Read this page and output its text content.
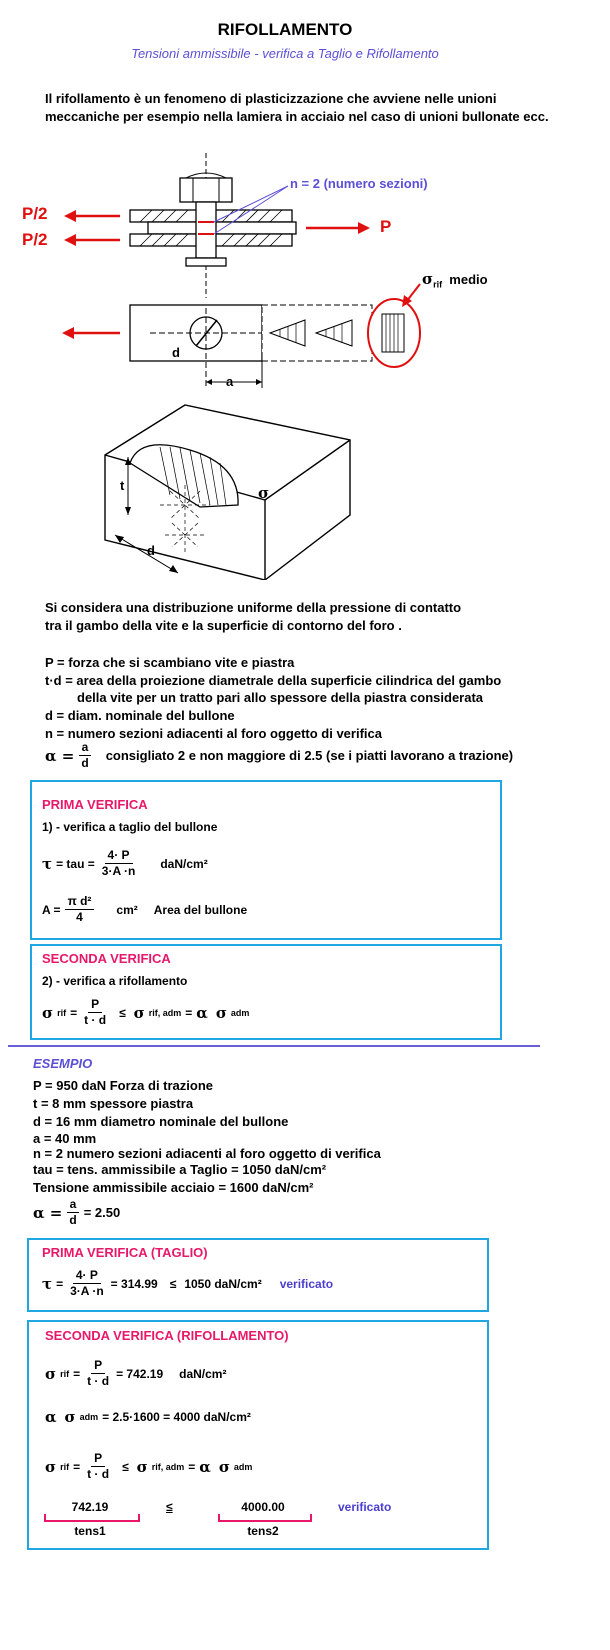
RIFOLLAMENTO
Tensioni ammissibile - verifica a Taglio e Rifollamento
Il rifollamento è un fenomeno di plasticizzazione che avviene nelle unioni meccaniche per esempio nella lamiera in acciaio nel caso di unioni bullonate ecc.
P/2
P/2
P
n = 2 (numero sezioni)
$\sigma_{rif}$ medio
d
a
t
d
σ
Si considera una distribuzione uniforme della pressione di contatto
tra il gambo della vite e la superficie di contorno del foro .
P = forza che si scambiano vite e piastra
t·d = area della proiezione diametrale della superficie cilindrica del gambo
della vite per un tratto pari allo spessore della piastra considerata
d = diam. nominale del bullone
n = numero sezioni adiacenti al foro oggetto di verifica
$\alpha = \frac{a}{d}$ consigliato 2 e non maggiore di 2.5 (se i piatti lavorano a trazione)
PRIMA VERIFICA
1) - verifica a taglio del bullone
τ = tau = $\frac{4\cdot P}{3\cdot A \cdot n} daN/cm^2$
$A = \frac{\text{π d²}}{4} cm^2$ Area del bullone
SECONDA VERIFICA
2) - verifica a rifollamento
σ rif = $\frac{P}{t \cdot d} \le \sigma$ rif, adm = α σ adm
ESEMPIO
P = 950 daN Forza di trazione
t = 8 mm spessore piastra
d = 16 mm diametro nominale del bullone
a = 40 mm
n = 2 numero sezioni adiacenti al foro oggetto di verifica
tau = tens. ammissibile a Taglio = 1050 daN/cm²
Tensione ammissibile acciaio = 1600 daN/cm²
$\alpha = \frac{a}{d} = 2.50$
PRIMA VERIFICA (TAGLIO)
$\tau = \frac{4\cdot P}{3\cdot A \cdot n} = 314.99 \le 1050$ daN/cm² verificato
SECONDA VERIFICA (RIFOLLAMENTO)
σ rif = $\frac{P}{t \cdot d} = 742.19$ daN/cm²
α σ adm = 2.5·1600 = 4000 daN/cm²
σ rif = $\frac{P}{t \cdot d} \le \sigma$ rif, adm = α σ adm
742.19
tens1
≤	4000.00
tens2
verificato
